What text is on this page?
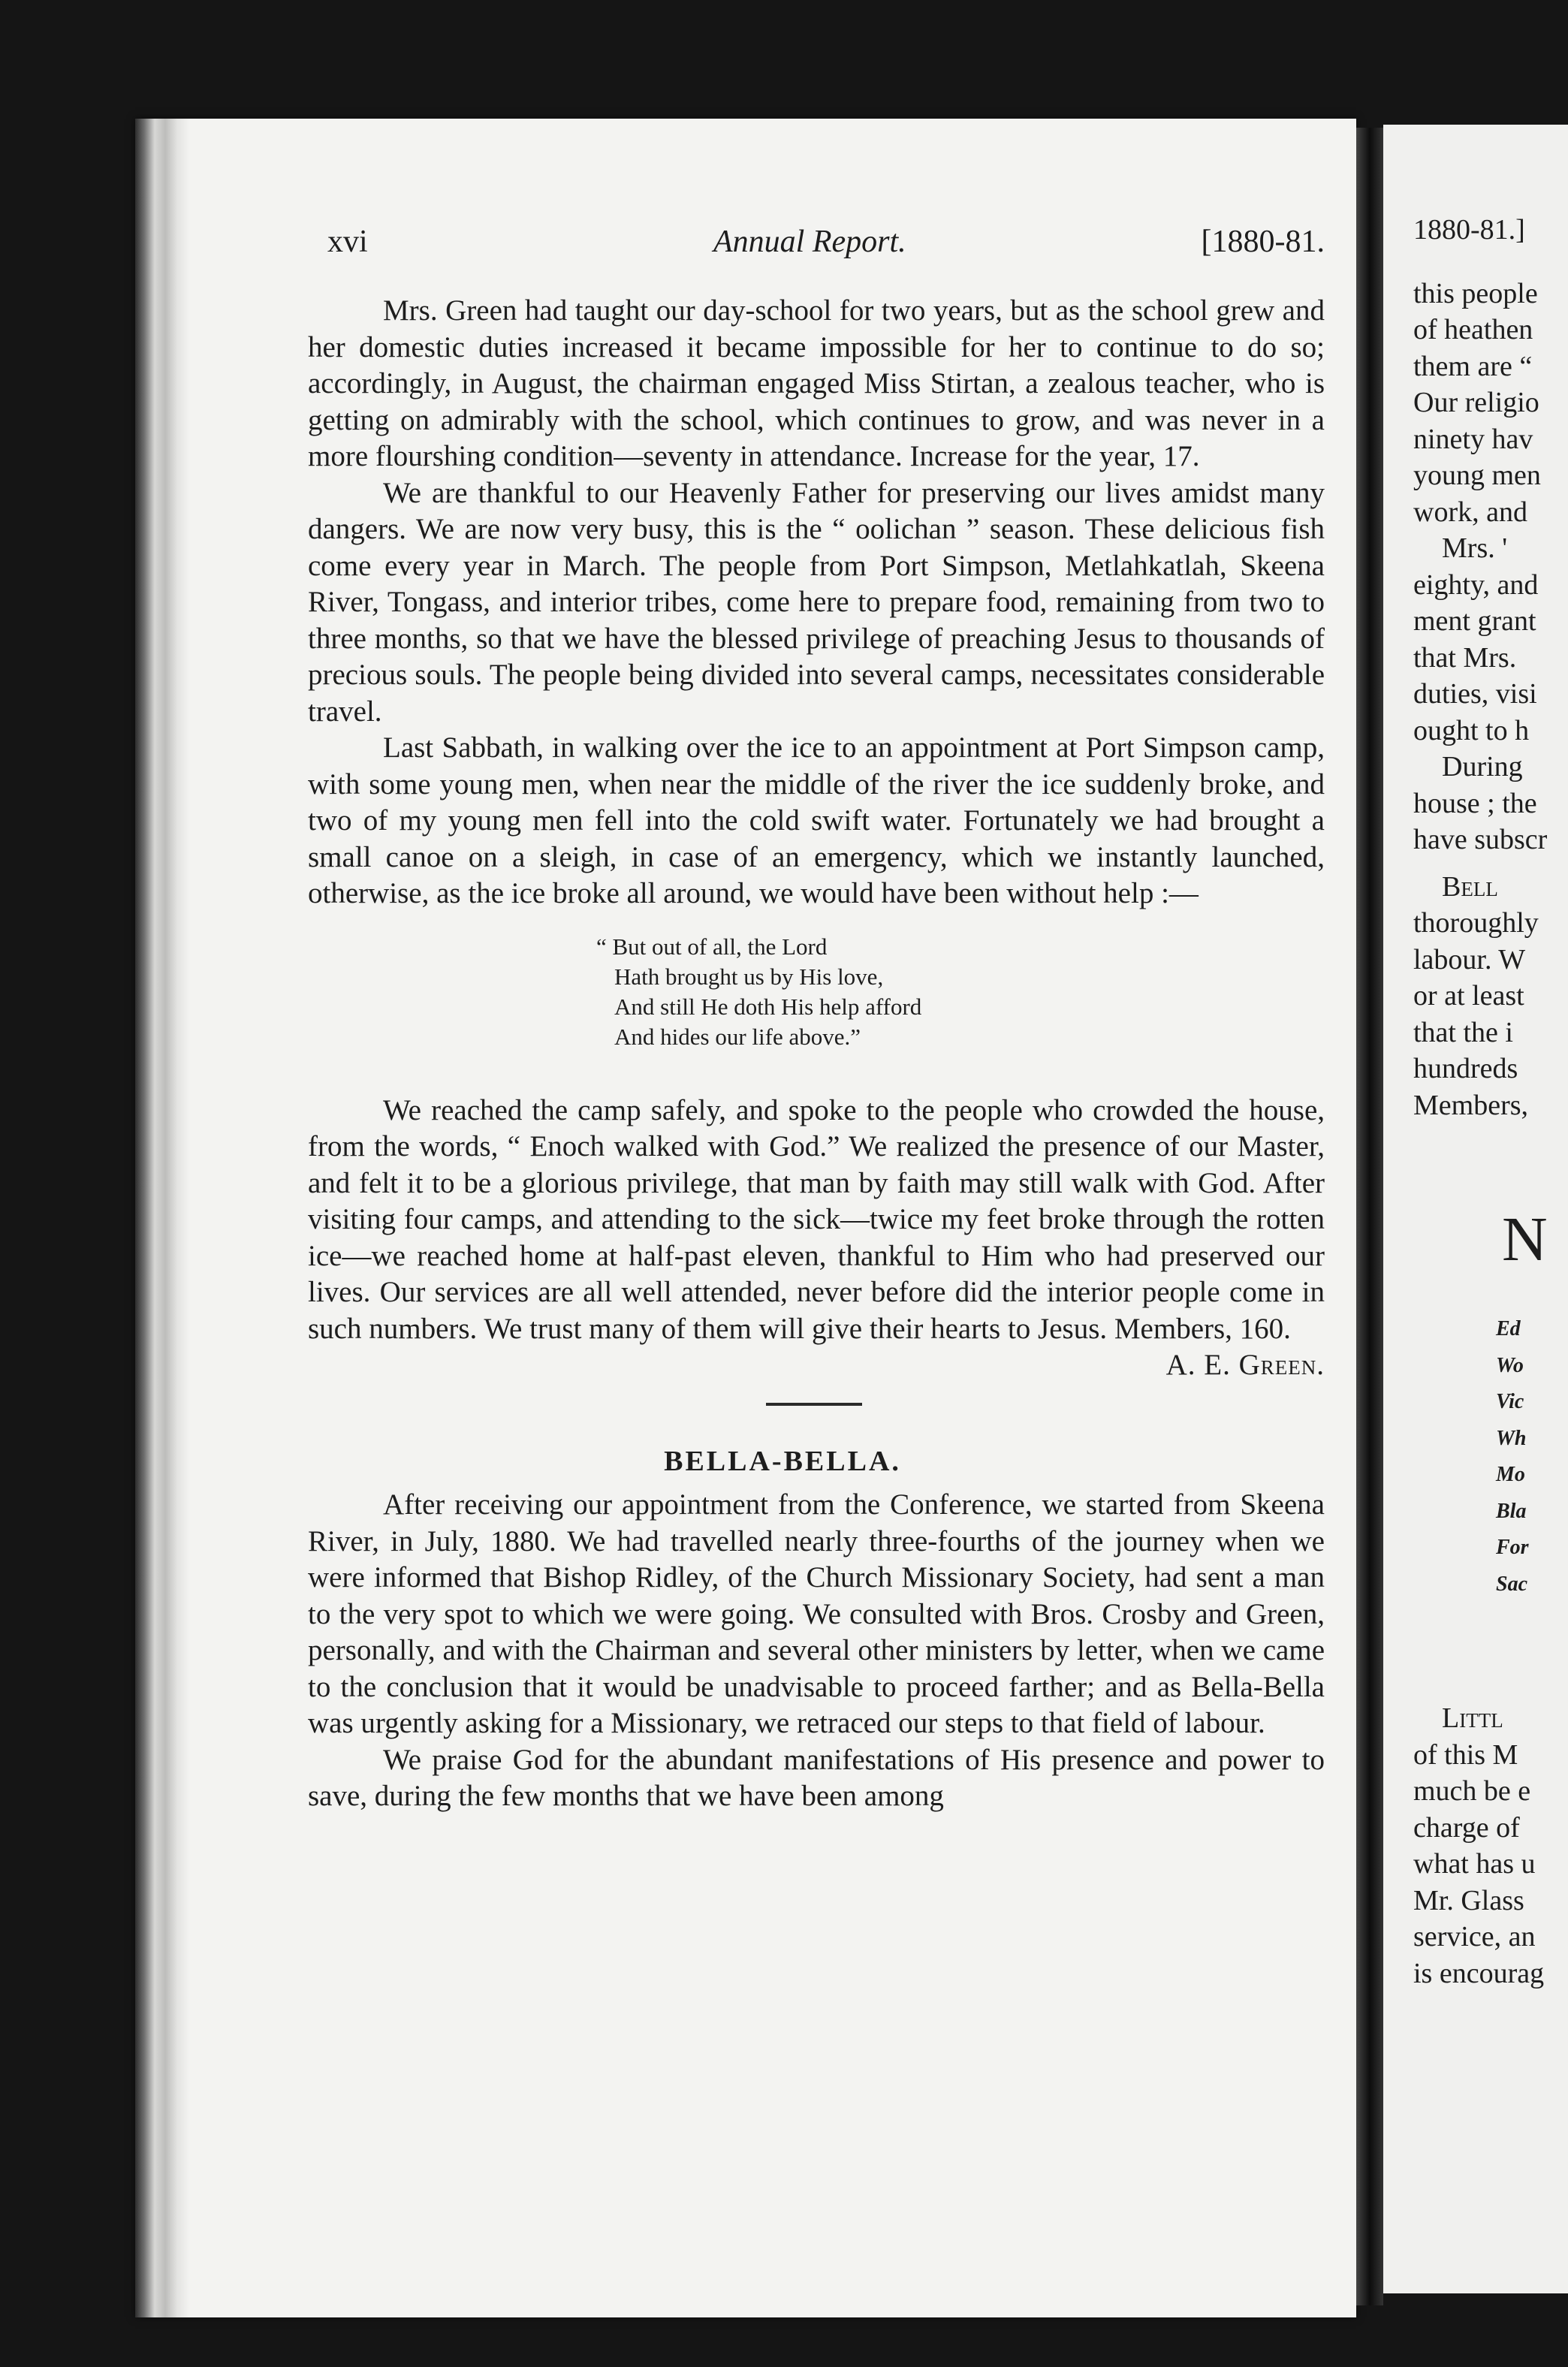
xvi	Annual Report.	[1880-81.

Mrs. Green had taught our day-school for two years, but as the school grew and her domestic duties increased it became impossible for her to continue to do so; accordingly, in August, the chairman engaged Miss Stirtan, a zealous teacher, who is getting on admirably with the school, which continues to grow, and was never in a more flourshing condition—seventy in attendance. Increase for the year, 17.

We are thankful to our Heavenly Father for preserving our lives amidst many dangers. We are now very busy, this is the “ oolichan ” season. These delicious fish come every year in March. The people from Port Simpson, Metlahkatlah, Skeena River, Tongass, and interior tribes, come here to prepare food, remaining from two to three months, so that we have the blessed privilege of preaching Jesus to thousands of precious souls. The people being divided into several camps, necessitates considerable travel.

Last Sabbath, in walking over the ice to an appointment at Port Simpson camp, with some young men, when near the middle of the river the ice suddenly broke, and two of my young men fell into the cold swift water. Fortunately we had brought a small canoe on a sleigh, in case of an emergency, which we instantly launched, otherwise, as the ice broke all around, we would have been without help :—

“ But out of all, the Lord
Hath brought us by His love,
And still He doth His help afford
And hides our life above.”

We reached the camp safely, and spoke to the people who crowded the house, from the words, “ Enoch walked with God.” We realized the presence of our Master, and felt it to be a glorious privilege, that man by faith may still walk with God. After visiting four camps, and attending to the sick—twice my feet broke through the rotten ice—we reached home at half-past eleven, thankful to Him who had preserved our lives. Our services are all well attended, never before did the interior people come in such numbers. We trust many of them will give their hearts to Jesus. Members, 160.
A. E. Green.

BELLA-BELLA.

After receiving our appointment from the Conference, we started from Skeena River, in July, 1880. We had travelled nearly three-fourths of the journey when we were informed that Bishop Ridley, of the Church Missionary Society, had sent a man to the very spot to which we were going. We consulted with Bros. Crosby and Green, personally, and with the Chairman and several other ministers by letter, when we came to the conclusion that it would be unadvisable to proceed farther; and as Bella-Bella was urgently asking for a Missionary, we retraced our steps to that field of labour.

We praise God for the abundant manifestations of His presence and power to save, during the few months that we have been among

1880-81.]
this people
of heathen
them are “
Our religio
ninety hav
young men
work, and
Mrs. '
eighty, and
ment grant
that Mrs.
duties, visi
ought to h
During
house ; the
have subscr
Bell
thoroughly
labour. W
or at least
that the i
hundreds
Members,
N
Ed
Wo
Vic
Wh
Mo
Bla
For
Sac
Littl
of this M
much be e
charge of
what has u
Mr. Glass
service, an
is encourag
